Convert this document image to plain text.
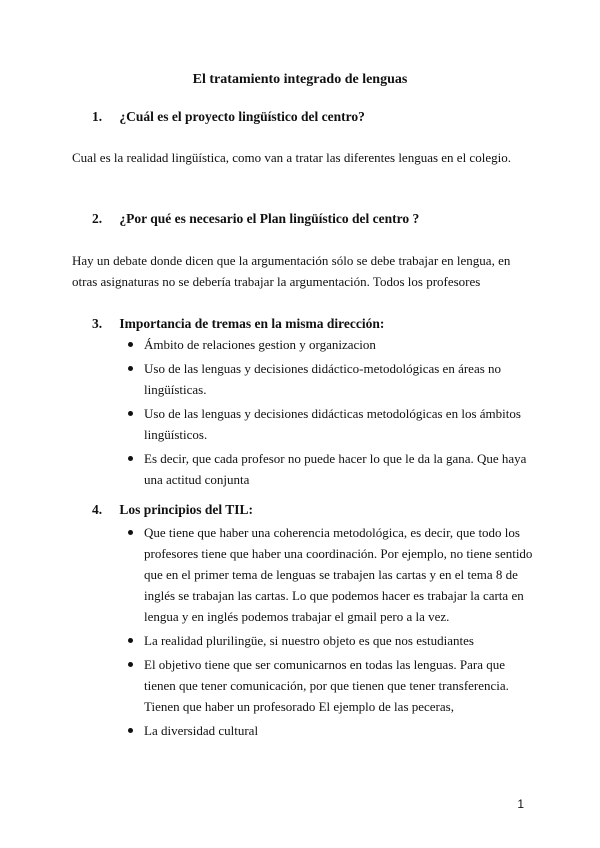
El tratamiento integrado de lenguas
1. ¿Cuál es el proyecto lingüístico del centro?
Cual es la realidad lingüística, como van a tratar las diferentes lenguas en el colegio.
2. ¿Por qué es necesario el Plan lingüístico del centro ?
Hay un debate donde dicen que la argumentación sólo se debe trabajar en lengua, en otras asignaturas no se debería trabajar la argumentación. Todos los profesores
3. Importancia de tremas en la misma dirección:
Ámbito de relaciones gestion y organizacion
Uso de las lenguas y decisiones didáctico-metodológicas en áreas no lingüísticas.
Uso de las lenguas y decisiones didácticas metodológicas en los ámbitos lingüísticos.
Es decir, que cada profesor no puede hacer lo que le da la gana. Que haya una actitud conjunta
4. Los principios del TIL:
Que tiene que haber una coherencia metodológica, es decir, que todo los profesores tiene que haber una coordinación. Por ejemplo, no tiene sentido que en el primer tema de lenguas se trabajen las cartas y en el tema 8 de inglés se trabajan las cartas. Lo que podemos hacer es trabajar la carta en lengua y en inglés podemos trabajar el gmail pero a la vez.
La realidad plurilingüe, si nuestro objeto es que nos estudiantes
El objetivo tiene que ser comunicarnos en todas las lenguas. Para que tienen que tener comunicación, por que tienen que tener transferencia. Tienen que haber un profesorado El ejemplo de las peceras,
La diversidad cultural
1
